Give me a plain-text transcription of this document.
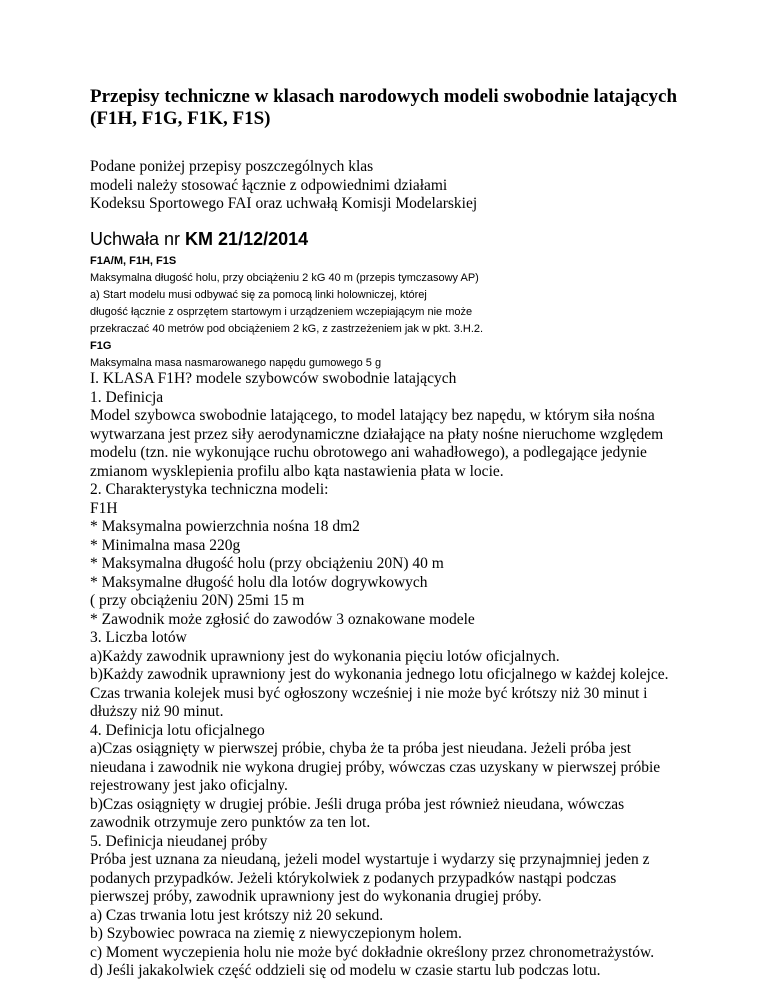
Przepisy techniczne w klasach narodowych modeli swobodnie latających
(F1H, F1G, F1K, F1S)

Podane poniżej przepisy poszczególnych klas

modeli należy stosować łącznie z odpowiednimi działami

Kodeksu Sportowego FAI oraz uchwałą Komisji Modelarskiej

Uchwała nr KM 21/12/2014

F1A/M, F1H, F1S

Maksymalna długość holu, przy obciążeniu 2 kG 40 m (przepis tymczasowy AP)

a) Start modelu musi odbywać się za pomocą linki holowniczej, której

długość łącznie z osprzętem startowym i urządzeniem wczepiającym nie może

przekraczać 40 metrów pod obciążeniem 2 kG, z zastrzeżeniem jak w pkt. 3.H.2.

F1G

Maksymalna masa nasmarowanego napędu gumowego 5 g

I. KLASA F1H? modele szybowców swobodnie latających

1. Definicja

Model szybowca swobodnie latającego, to model latający bez napędu, w którym siła nośna

wytwarzana jest przez siły aerodynamiczne działające na płaty nośne nieruchome względem

modelu (tzn. nie wykonujące ruchu obrotowego ani wahadłowego), a podlegające jedynie

zmianom wysklepienia profilu albo kąta nastawienia płata w locie.

2. Charakterystyka techniczna modeli:

F1H

* Maksymalna powierzchnia nośna 18 dm2

* Minimalna masa 220g

* Maksymalna długość holu (przy obciążeniu 20N) 40 m

* Maksymalne długość holu dla lotów dogrywkowych

( przy obciążeniu 20N) 25mi 15 m

* Zawodnik może zgłosić do zawodów 3 oznakowane modele

3. Liczba lotów

a)Każdy zawodnik uprawniony jest do wykonania pięciu lotów oficjalnych.

b)Każdy zawodnik uprawniony jest do wykonania jednego lotu oficjalnego w każdej kolejce.

Czas trwania kolejek musi być ogłoszony wcześniej i nie może być krótszy niż 30 minut i

dłuższy niż 90 minut.

4. Definicja lotu oficjalnego

a)Czas osiągnięty w pierwszej próbie, chyba że ta próba jest nieudana. Jeżeli próba jest

nieudana i zawodnik nie wykona drugiej próby, wówczas czas uzyskany w pierwszej próbie

rejestrowany jest jako oficjalny.

b)Czas osiągnięty w drugiej próbie. Jeśli druga próba jest również nieudana, wówczas

zawodnik otrzymuje zero punktów za ten lot.

5. Definicja nieudanej próby

Próba jest uznana za nieudaną, jeżeli model wystartuje i wydarzy się przynajmniej jeden z

podanych przypadków. Jeżeli którykolwiek z podanych przypadków nastąpi podczas

pierwszej próby, zawodnik uprawniony jest do wykonania drugiej próby.

a) Czas trwania lotu jest krótszy niż 20 sekund.

b) Szybowiec powraca na ziemię z niewyczepionym holem.

c) Moment wyczepienia holu nie może być dokładnie określony przez chronometrażystów.

d) Jeśli jakakolwiek część oddzieli się od modelu w czasie startu lub podczas lotu.
